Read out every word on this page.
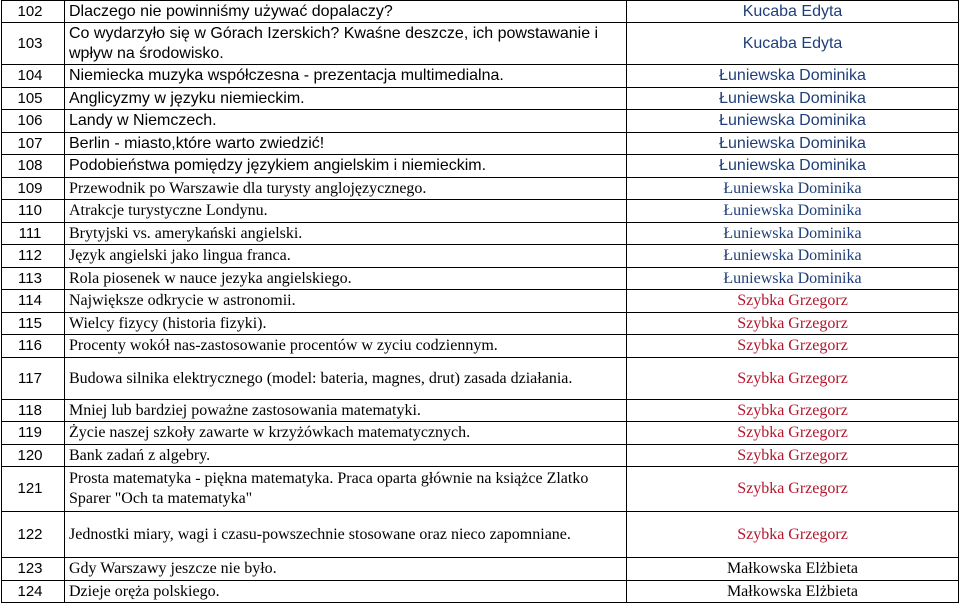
102	Dlaczego nie powinniśmy używać dopalaczy?	Kucaba Edyta
103	Co wydarzyło się w Górach Izerskich? Kwaśne deszcze, ich powstawanie i wpływ na środowisko.	Kucaba Edyta
104	Niemiecka muzyka współczesna - prezentacja multimedialna.	Łuniewska Dominika
105	Anglicyzmy w języku niemieckim.	Łuniewska Dominika
106	Landy w Niemczech.	Łuniewska Dominika
107	Berlin - miasto,które warto zwiedzić!	Łuniewska Dominika
108	Podobieństwa pomiędzy językiem angielskim i niemieckim.	Łuniewska Dominika
109	Przewodnik po Warszawie dla turysty anglojęzycznego.	Łuniewska Dominika
110	Atrakcje turystyczne Londynu.	Łuniewska Dominika
111	Brytyjski vs. amerykański angielski.	Łuniewska Dominika
112	Język angielski jako lingua franca.	Łuniewska Dominika
113	Rola piosenek w nauce jezyka angielskiego.	Łuniewska Dominika
114	Największe odkrycie w astronomii.	Szybka Grzegorz
115	Wielcy fizycy (historia fizyki).	Szybka Grzegorz
116	Procenty wokół nas-zastosowanie procentów w zyciu codziennym.	Szybka Grzegorz
117	Budowa silnika elektrycznego (model: bateria, magnes, drut) zasada działania.	Szybka Grzegorz
118	Mniej lub bardziej poważne zastosowania matematyki.	Szybka Grzegorz
119	Życie naszej szkoły zawarte w krzyżówkach matematycznych.	Szybka Grzegorz
120	Bank zadań z algebry.	Szybka Grzegorz
121	Prosta matematyka - piękna matematyka. Praca oparta głównie na książce Zlatko Sparer "Och ta matematyka"	Szybka Grzegorz
122	Jednostki miary, wagi i czasu-powszechnie stosowane oraz nieco zapomniane.	Szybka Grzegorz
123	Gdy Warszawy jeszcze nie było.	Małkowska Elżbieta
124	Dzieje oręża polskiego.	Małkowska Elżbieta
